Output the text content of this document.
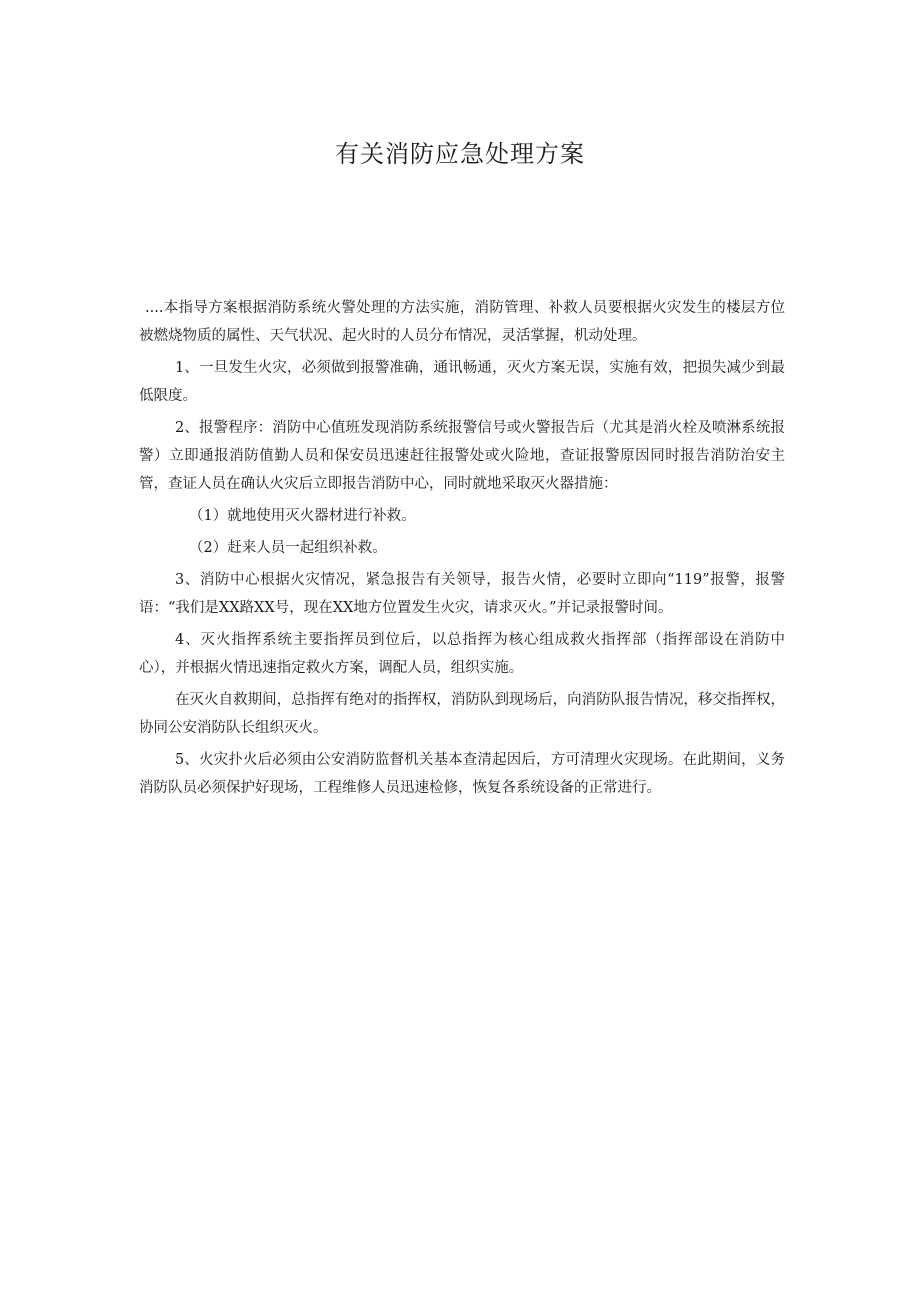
有关消防应急处理方案

....本指导方案根据消防系统火警处理的方法实施，消防管理、补救人员要根据火灾发生的楼层方位被燃烧物质的属性、天气状况、起火时的人员分布情况，灵活掌握，机动处理。

1、一旦发生火灾，必须做到报警准确，通讯畅通，灭火方案无误，实施有效，把损失减少到最低限度。

2、报警程序：消防中心值班发现消防系统报警信号或火警报告后（尤其是消火栓及喷淋系统报警）立即通报消防值勤人员和保安员迅速赶往报警处或火险地，查证报警原因同时报告消防治安主管，查证人员在确认火灾后立即报告消防中心，同时就地采取灭火器措施：

（1）就地使用灭火器材进行补救。

（2）赶来人员一起组织补救。

3、消防中心根据火灾情况，紧急报告有关领导，报告火情，必要时立即向“119”报警，报警语：“我们是XX路XX号，现在XX地方位置发生火灾，请求灭火。”并记录报警时间。

4、灭火指挥系统主要指挥员到位后，以总指挥为核心组成救火指挥部（指挥部设在消防中心），并根据火情迅速指定救火方案，调配人员，组织实施。

在灭火自救期间，总指挥有绝对的指挥权，消防队到现场后，向消防队报告情况，移交指挥权，协同公安消防队长组织灭火。

5、火灾扑火后必须由公安消防监督机关基本查清起因后，方可清理火灾现场。在此期间，义务消防队员必须保护好现场，工程维修人员迅速检修，恢复各系统设备的正常进行。
